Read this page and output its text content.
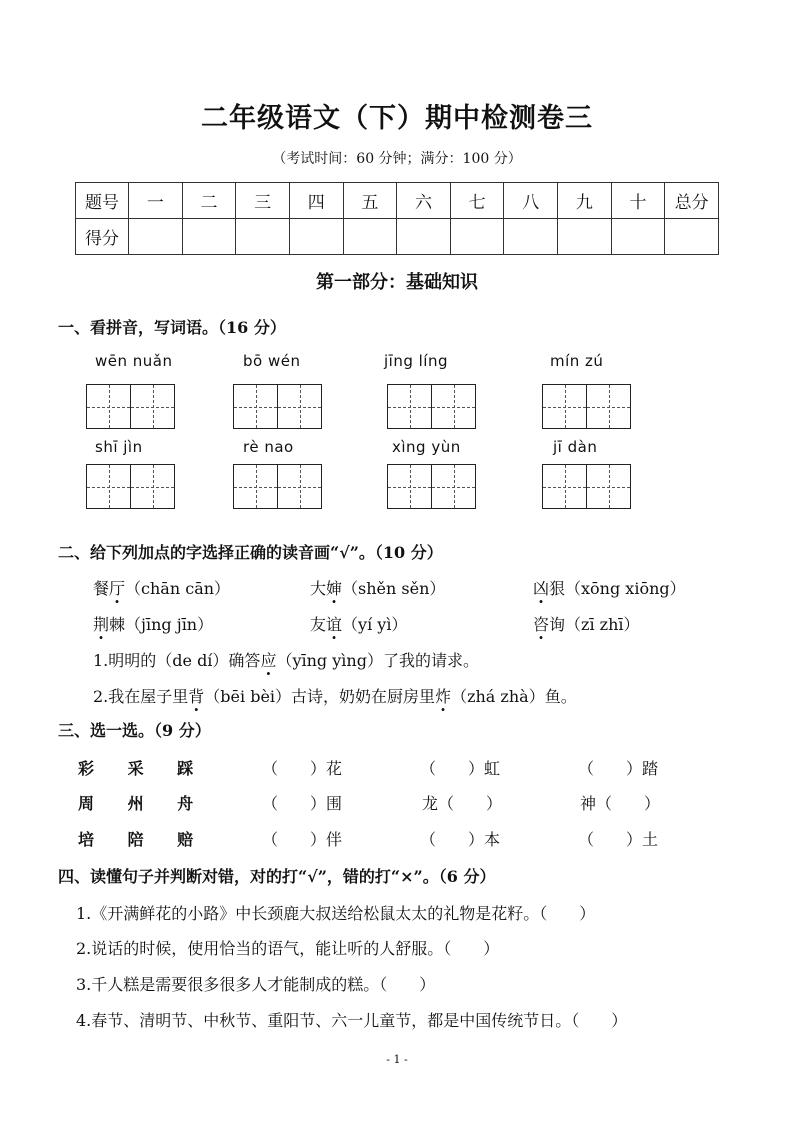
二年级语文（下）期中检测卷三
（考试时间：60 分钟；满分：100 分）
题号	一	二	三	四	五	六	七	八	九	十	总分
得分											
第一部分：基础知识
一、看拼音，写词语。（16 分）
wēn nuǎn	bō wén	jīng líng	mín zú
shī jìn	rè nao	xìng yùn	jī dàn
二、给下列加点的字选择正确的读音画“√”。（10 分）
餐厅（chān cān）	大婶（shěn sěn）	凶狠（xōng xiōng）
荆棘（jīng jīn）	友谊（yí yì）	咨询（zī zhī）
1.明明的（de dí）确答应（yīng yìng）了我的请求。
2.我在屋子里背（bēi bèi）古诗，奶奶在厨房里炸（zhá zhà）鱼。
三、选一选。（9 分）
彩 采 踩	（　　）花	（　　）虹	（　　）踏
周 州 舟	（　　）围	龙（　　）	神（　　）
培 陪 赔	（　　）伴	（　　）本	（　　）土
四、读懂句子并判断对错，对的打“√”，错的打“×”。（6 分）
1.《开满鲜花的小路》中长颈鹿大叔送给松鼠太太的礼物是花籽。（　　）
2.说话的时候，使用恰当的语气，能让听的人舒服。（　　）
3.千人糕是需要很多很多人才能制成的糕。（　　）
4.春节、清明节、中秋节、重阳节、六一儿童节，都是中国传统节日。（　　）
- 1 -
